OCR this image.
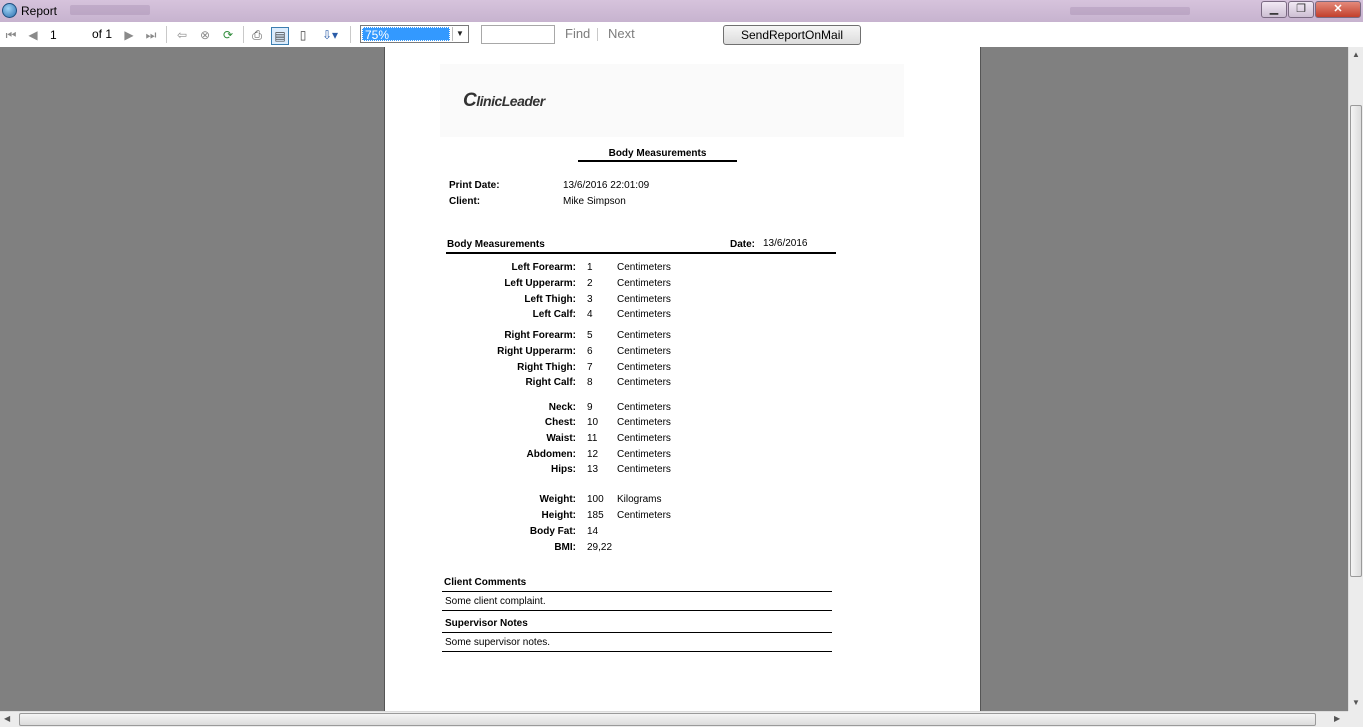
Report	▁	❐	✕
⏮ ◀
1	of 1 ▶ ⏭ ⇦ ⊗ ⟳ ⎙ ▤	▯	⇩▾	75%	▼	Find Next	SendReportOnMail
ClinicLeader
Body Measurements
Print Date:	13/6/2016 22:01:09
Client:	Mike Simpson
Body Measurements	Date: 13/6/2016
Left Forearm: 1 Centimeters
Left Upperarm: 2 Centimeters
Left Thigh: 3 Centimeters
Left Calf: 4 Centimeters
Right Forearm: 5 Centimeters
Right Upperarm: 6 Centimeters
Right Thigh: 7 Centimeters
Right Calf: 8 Centimeters
Neck: 9 Centimeters
Chest: 10 Centimeters
Waist: 11 Centimeters
Abdomen: 12 Centimeters
Hips: 13 Centimeters
Weight: 100 Kilograms
Height: 185 Centimeters
Body Fat: 14
BMI: 29,22
Client Comments
Some client complaint.
Supervisor Notes
Some supervisor notes.
▲
▼
◀	▶
